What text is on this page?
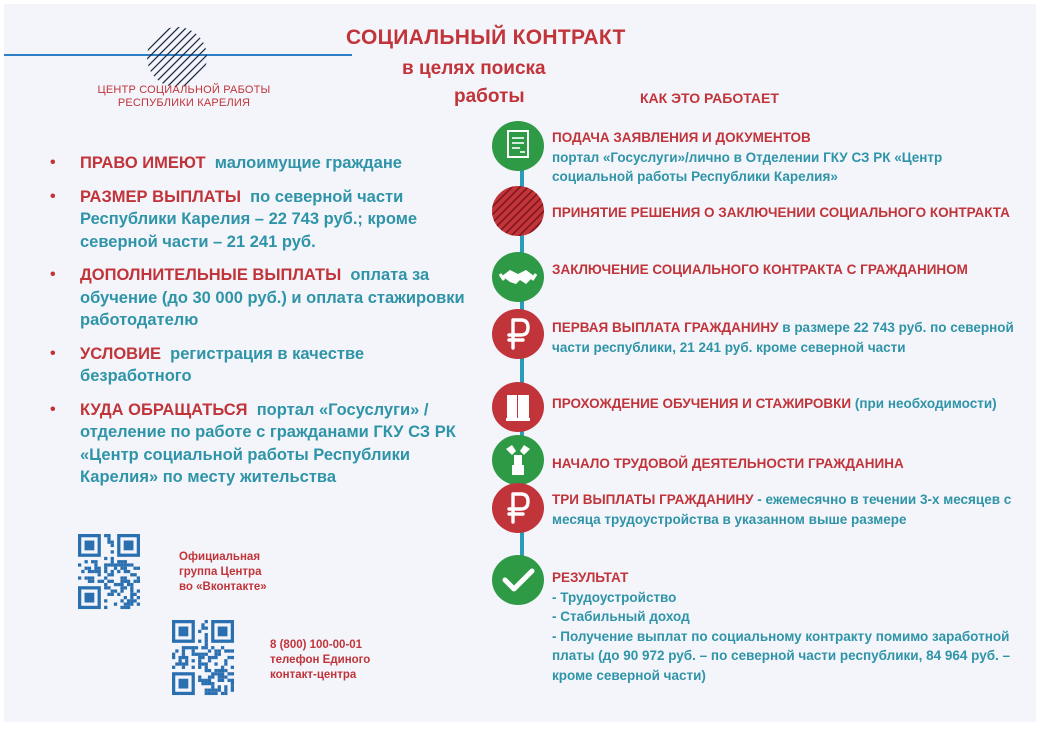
ЦЕНТР СОЦИАЛЬНОЙ РАБОТЫ
РЕСПУБЛИКИ КАРЕЛИЯ
СОЦИАЛЬНЫЙ КОНТРАКТ
в целях поиска
работы	КАК ЭТО РАБОТАЕТ
• ПРАВО ИМЕЮТ малоимущие граждане
• РАЗМЕР ВЫПЛАТЫ по северной части Республики Карелия – 22 743 руб.; кроме северной части – 21 241 руб.
• ДОПОЛНИТЕЛЬНЫЕ ВЫПЛАТЫ оплата за обучение (до 30 000 руб.) и оплата стажировки работодателю
• УСЛОВИЕ регистрация в качестве безработного
• КУДА ОБРАЩАТЬСЯ портал «Госуслуги» / отделение по работе с гражданами ГКУ СЗ РК «Центр социальной работы Республики Карелия» по месту жительства
Официальная
группа Центра
во «Вконтакте»
8 (800) 100-00-01
телефон Единого
контакт-центра
ПОДАЧА ЗАЯВЛЕНИЯ И ДОКУМЕНТОВ
портал «Госуслуги»/лично в Отделении ГКУ СЗ РК «Центр социальной работы Республики Карелия»
ПРИНЯТИЕ РЕШЕНИЯ О ЗАКЛЮЧЕНИИ СОЦИАЛЬНОГО КОНТРАКТА
ЗАКЛЮЧЕНИЕ СОЦИАЛЬНОГО КОНТРАКТА С ГРАЖДАНИНОМ
ПЕРВАЯ ВЫПЛАТА ГРАЖДАНИНУ в размере 22 743 руб. по северной части республики, 21 241 руб. кроме северной части
ПРОХОЖДЕНИЕ ОБУЧЕНИЯ И СТАЖИРОВКИ (при необходимости)
НАЧАЛО ТРУДОВОЙ ДЕЯТЕЛЬНОСТИ ГРАЖДАНИНА
ТРИ ВЫПЛАТЫ ГРАЖДАНИНУ - ежемесячно в течении 3-х месяцев с месяца трудоустройства в указанном выше размере
РЕЗУЛЬТАТ
- Трудоустройство
- Стабильный доход
- Получение выплат по социальному контракту помимо заработной платы (до 90 972 руб. – по северной части республики, 84 964 руб. – кроме северной части)
